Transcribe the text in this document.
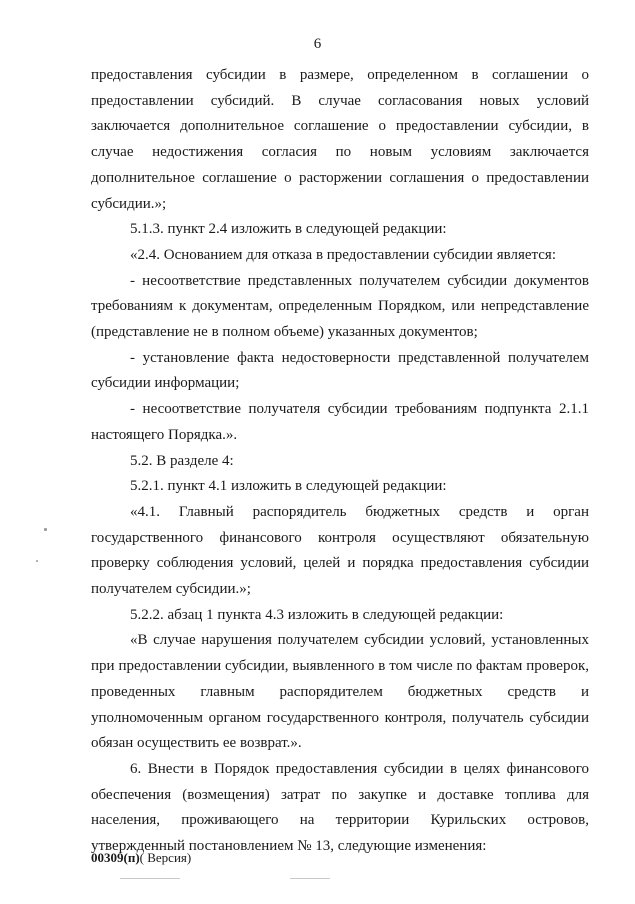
6

предоставления субсидии в размере, определенном в соглашении о предоставлении субсидий. В случае согласования новых условий заключается дополнительное соглашение о предоставлении субсидии, в случае недостижения согласия по новым условиям заключается дополнительное соглашение о расторжении соглашения о предоставлении субсидии.»;

5.1.3. пункт 2.4 изложить в следующей редакции:

«2.4. Основанием для отказа в предоставлении субсидии является:

- несоответствие представленных получателем субсидии документов требованиям к документам, определенным Порядком, или непредставление (представление не в полном объеме) указанных документов;

- установление факта недостоверности представленной получателем субсидии информации;

- несоответствие получателя субсидии требованиям подпункта 2.1.1 настоящего Порядка.».

5.2. В разделе 4:

5.2.1. пункт 4.1 изложить в следующей редакции:

«4.1. Главный распорядитель бюджетных средств и орган государственного финансового контроля осуществляют обязательную проверку соблюдения условий, целей и порядка предоставления субсидии получателем субсидии.»;

5.2.2. абзац 1 пункта 4.3 изложить в следующей редакции:

«В случае нарушения получателем субсидии условий, установленных при предоставлении субсидии, выявленного в том числе по фактам проверок, проведенных главным распорядителем бюджетных средств и уполномоченным органом государственного контроля, получатель субсидии обязан осуществить ее возврат.».

6. Внести в Порядок предоставления субсидии в целях финансового обеспечения (возмещения) затрат по закупке и доставке топлива для населения, проживающего на территории Курильских островов, утвержденный постановлением № 13, следующие изменения:

00309(п)( Версия)
